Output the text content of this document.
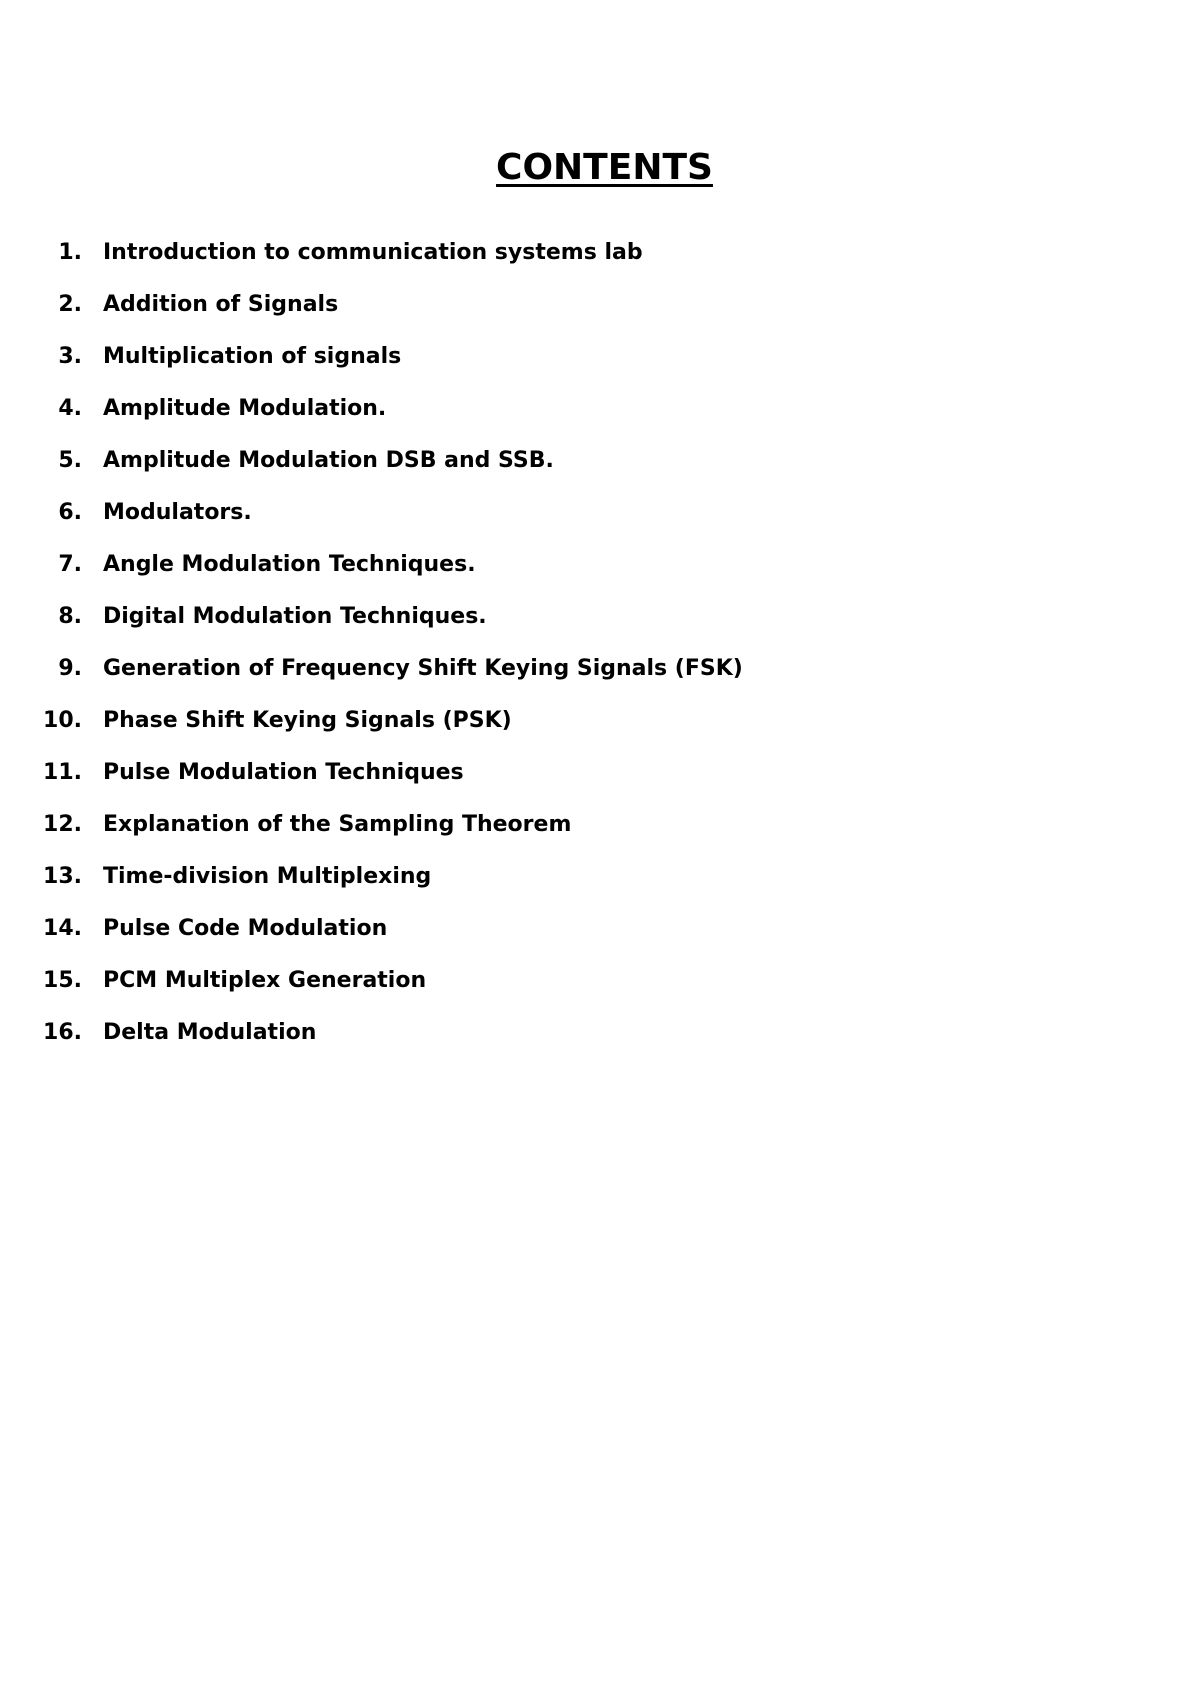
CONTENTS
1. Introduction to communication systems lab
2. Addition of Signals
3. Multiplication of signals
4. Amplitude Modulation.
5. Amplitude Modulation DSB and SSB.
6. Modulators.
7. Angle Modulation Techniques.
8. Digital Modulation Techniques.
9. Generation of Frequency Shift Keying Signals (FSK)
10. Phase Shift Keying Signals (PSK)
11. Pulse Modulation Techniques
12. Explanation of the Sampling Theorem
13. Time-division Multiplexing
14. Pulse Code Modulation
15. PCM Multiplex Generation
16. Delta Modulation
